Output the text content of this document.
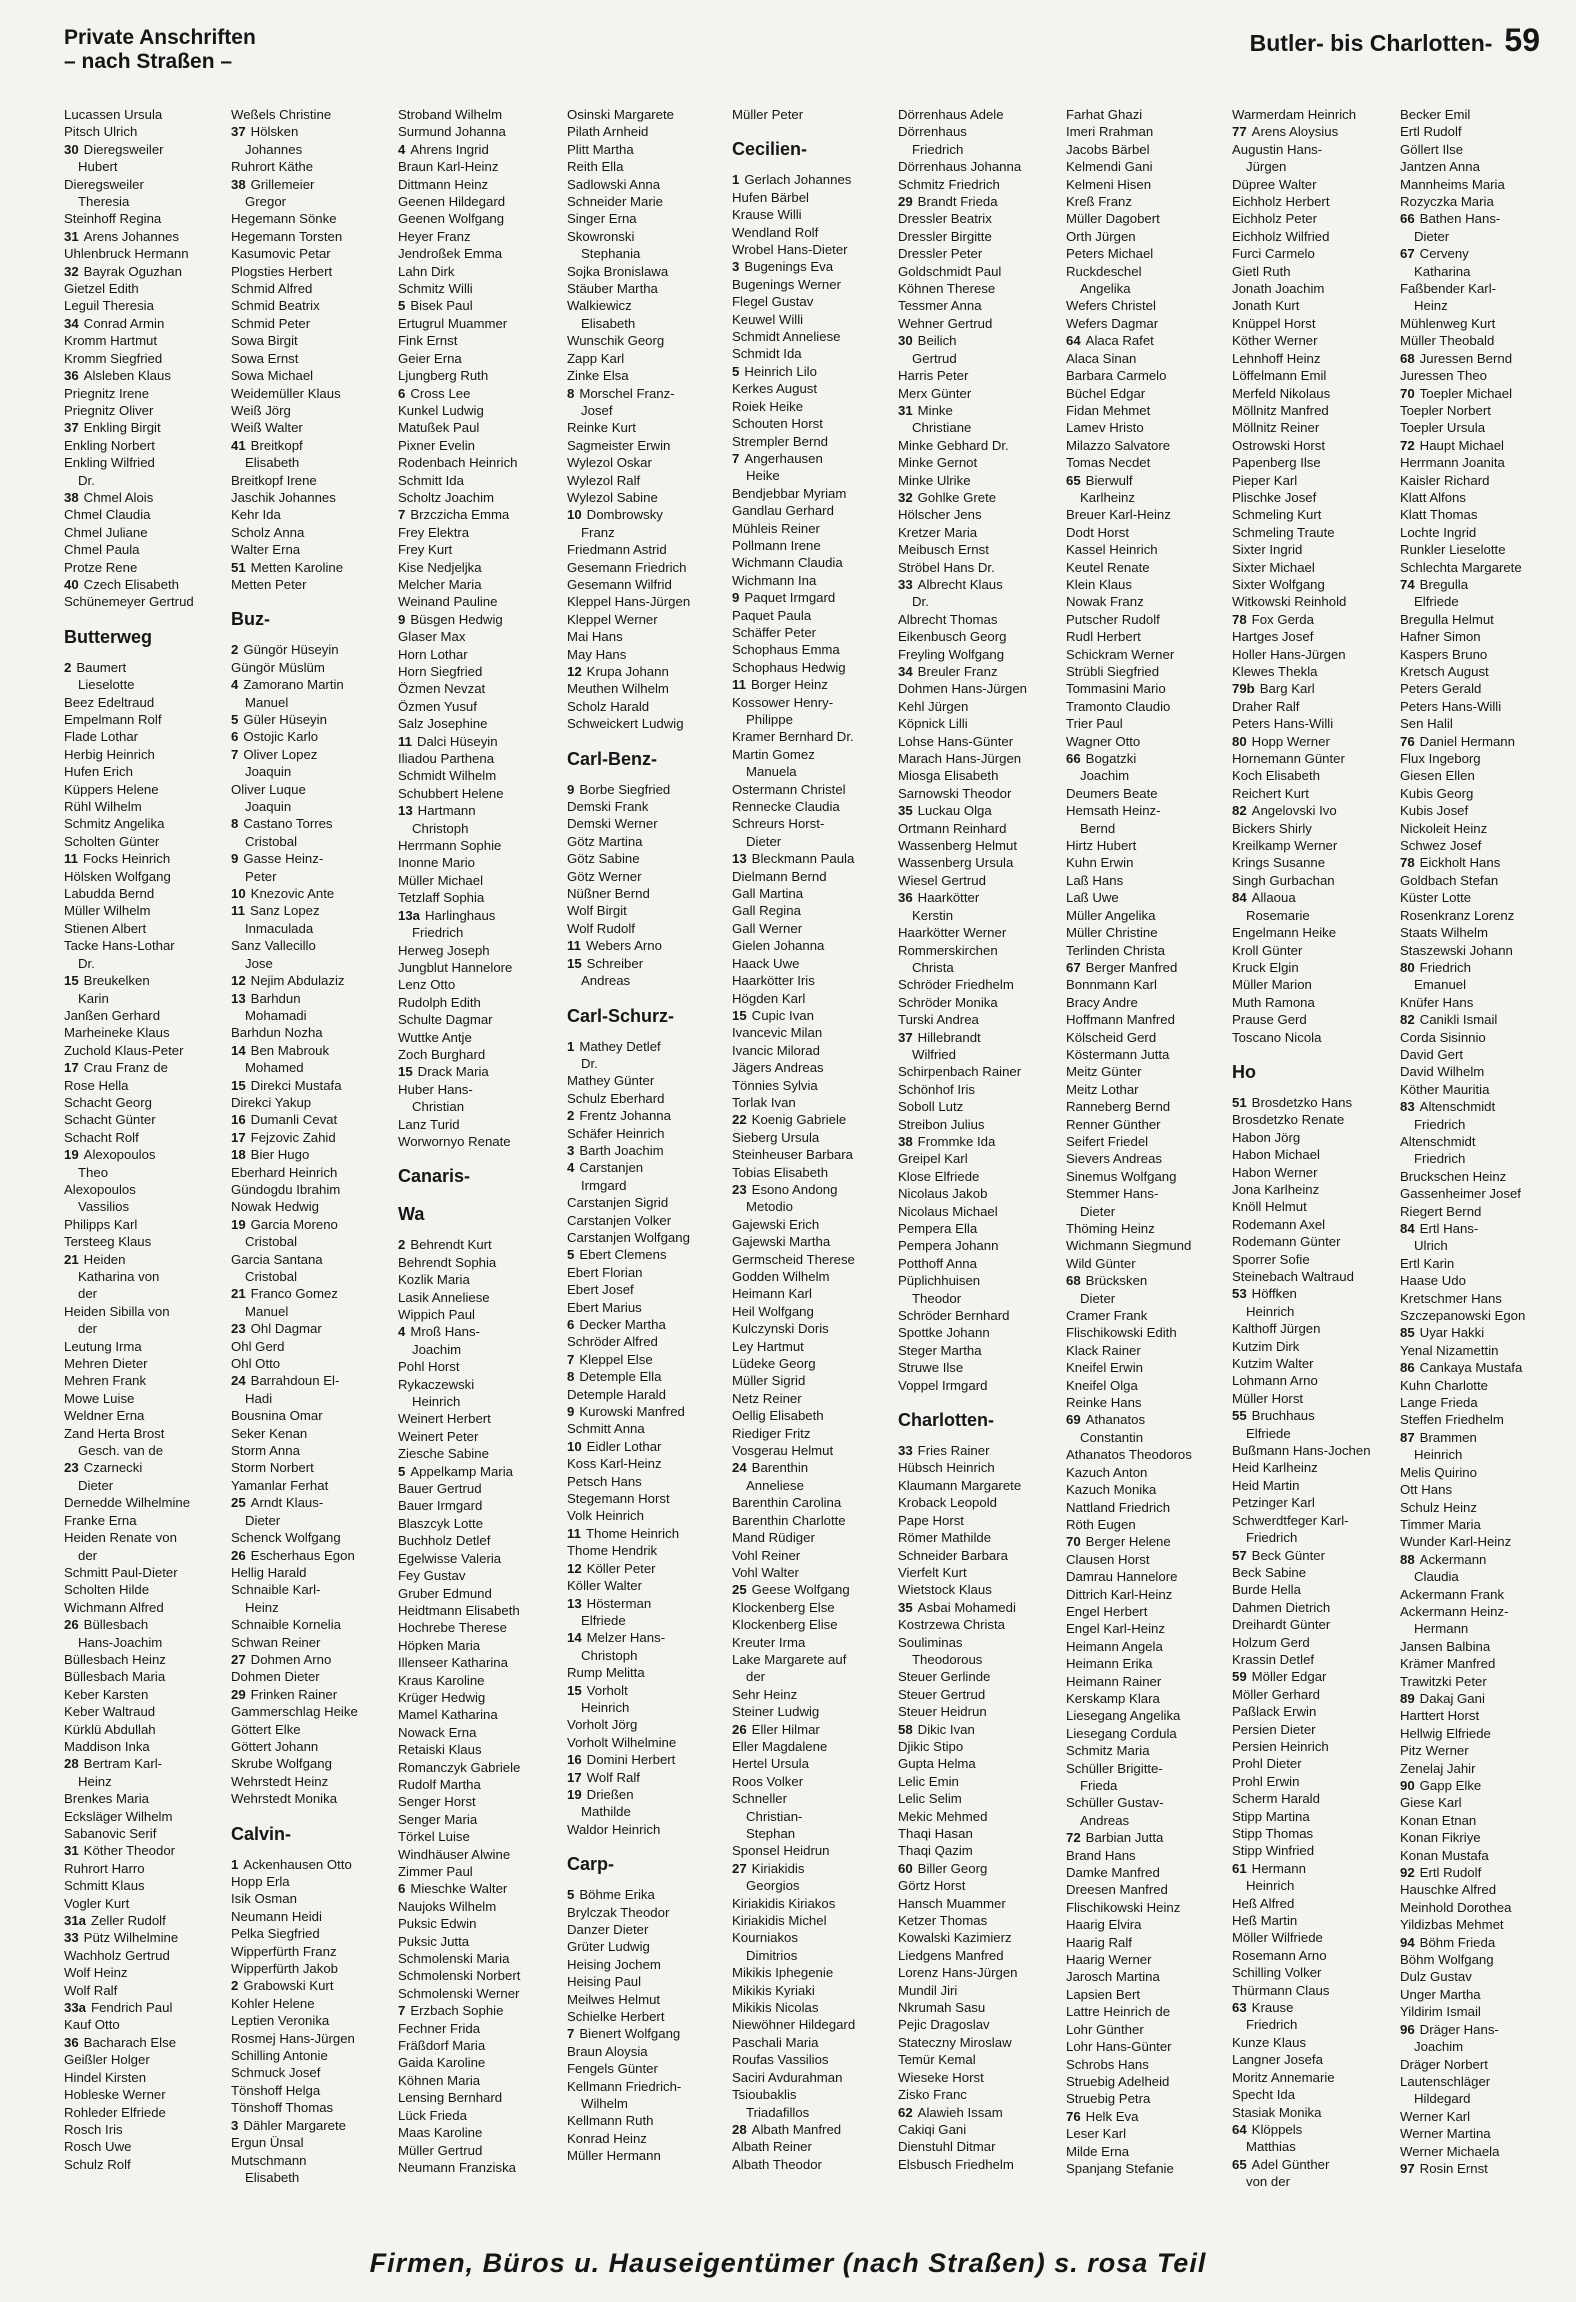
Private Anschriften
– nach Straßen –
Butler- bis Charlotten- 59
Lucassen Ursula
Pitsch Ulrich
30 Dieregsweiler
Hubert
Dieregsweiler
Theresia
Steinhoff Regina
31 Arens Johannes
Uhlenbruck Hermann
32 Bayrak Oguzhan
Gietzel Edith
Leguil Theresia
34 Conrad Armin
Kromm Hartmut
Kromm Siegfried
36 Alsleben Klaus
Priegnitz Irene
Priegnitz Oliver
37 Enkling Birgit
Enkling Norbert
Enkling Wilfried
Dr.
38 Chmel Alois
Chmel Claudia
Chmel Juliane
Chmel Paula
Protze Rene
40 Czech Elisabeth
Schünemeyer Gertrud
Butterweg
2 Baumert
Lieselotte
Beez Edeltraud
Empelmann Rolf
Flade Lothar
Herbig Heinrich
Hufen Erich
Küppers Helene
Rühl Wilhelm
Schmitz Angelika
Scholten Günter
11 Focks Heinrich
Hölsken Wolfgang
Labudda Bernd
Müller Wilhelm
Stienen Albert
Tacke Hans-Lothar
Dr.
15 Breukelken
Karin
Janßen Gerhard
Marheineke Klaus
Zuchold Klaus-Peter
17 Crau Franz de
Rose Hella
Schacht Georg
Schacht Günter
Schacht Rolf
19 Alexopoulos
Theo
Alexopoulos
Vassilios
Philipps Karl
Tersteeg Klaus
21 Heiden
Katharina von
der
Heiden Sibilla von
der
Leutung Irma
Mehren Dieter
Mehren Frank
Mowe Luise
Weldner Erna
Zand Herta Brost
Gesch. van de
23 Czarnecki
Dieter
Dernedde Wilhelmine
Franke Erna
Heiden Renate von
der
Schmitt Paul-Dieter
Scholten Hilde
Wichmann Alfred
26 Büllesbach
Hans-Joachim
Büllesbach Heinz
Büllesbach Maria
Keber Karsten
Keber Waltraud
Kürklü Abdullah
Maddison Inka
28 Bertram Karl-
Heinz
Brenkes Maria
Ecksläger Wilhelm
Sabanovic Serif
31 Köther Theodor
Ruhrort Harro
Schmitt Klaus
Vogler Kurt
31a Zeller Rudolf
33 Pütz Wilhelmine
Wachholz Gertrud
Wolf Heinz
Wolf Ralf
33a Fendrich Paul
Kauf Otto
36 Bacharach Else
Geißler Holger
Hindel Kirsten
Hobleske Werner
Rohleder Elfriede
Rosch Iris
Rosch Uwe
Schulz Rolf
Weßels Christine
37 Hölsken
Johannes
Ruhrort Käthe
38 Grillemeier
Gregor
Hegemann Sönke
Hegemann Torsten
Kasumovic Petar
Plogsties Herbert
Schmid Alfred
Schmid Beatrix
Schmid Peter
Sowa Birgit
Sowa Ernst
Sowa Michael
Weidemüller Klaus
Weiß Jörg
Weiß Walter
41 Breitkopf
Elisabeth
Breitkopf Irene
Jaschik Johannes
Kehr Ida
Scholz Anna
Walter Erna
51 Metten Karoline
Metten Peter
Buz-
2 Güngör Hüseyin
Güngör Müslüm
4 Zamorano Martin
Manuel
5 Güler Hüseyin
6 Ostojic Karlo
7 Oliver Lopez
Joaquin
Oliver Luque
Joaquin
8 Castano Torres
Cristobal
9 Gasse Heinz-
Peter
10 Knezovic Ante
11 Sanz Lopez
Inmaculada
Sanz Vallecillo
Jose
12 Nejim Abdulaziz
13 Barhdun
Mohamadi
Barhdun Nozha
14 Ben Mabrouk
Mohamed
15 Direkci Mustafa
Direkci Yakup
16 Dumanli Cevat
17 Fejzovic Zahid
18 Bier Hugo
Eberhard Heinrich
Gündogdu Ibrahim
Nowak Hedwig
19 Garcia Moreno
Cristobal
Garcia Santana
Cristobal
21 Franco Gomez
Manuel
23 Ohl Dagmar
Ohl Gerd
Ohl Otto
24 Barrahdoun El-
Hadi
Bousnina Omar
Seker Kenan
Storm Anna
Storm Norbert
Yamanlar Ferhat
25 Arndt Klaus-
Dieter
Schenck Wolfgang
26 Escherhaus Egon
Hellig Harald
Schnaible Karl-
Heinz
Schnaible Kornelia
Schwan Reiner
27 Dohmen Arno
Dohmen Dieter
29 Frinken Rainer
Gammerschlag Heike
Göttert Elke
Göttert Johann
Skrube Wolfgang
Wehrstedt Heinz
Wehrstedt Monika
Calvin-
1 Ackenhausen Otto
Hopp Erla
Isik Osman
Neumann Heidi
Pelka Siegfried
Wipperfürth Franz
Wipperfürth Jakob
2 Grabowski Kurt
Kohler Helene
Leptien Veronika
Rosmej Hans-Jürgen
Schilling Antonie
Schmuck Josef
Tönshoff Helga
Tönshoff Thomas
3 Dähler Margarete
Ergun Ünsal
Mutschmann
Elisabeth
Stroband Wilhelm
Surmund Johanna
4 Ahrens Ingrid
Braun Karl-Heinz
Dittmann Heinz
Geenen Hildegard
Geenen Wolfgang
Heyer Franz
Jendroßek Emma
Lahn Dirk
Schmitz Willi
5 Bisek Paul
Ertugrul Muammer
Fink Ernst
Geier Erna
Ljungberg Ruth
6 Cross Lee
Kunkel Ludwig
Matußek Paul
Pixner Evelin
Rodenbach Heinrich
Schmitt Ida
Scholtz Joachim
7 Brzczicha Emma
Frey Elektra
Frey Kurt
Kise Nedjeljka
Melcher Maria
Weinand Pauline
9 Büsgen Hedwig
Glaser Max
Horn Lothar
Horn Siegfried
Özmen Nevzat
Özmen Yusuf
Salz Josephine
11 Dalci Hüseyin
Iliadou Parthena
Schmidt Wilhelm
Schubbert Helene
13 Hartmann
Christoph
Herrmann Sophie
Inonne Mario
Müller Michael
Tetzlaff Sophia
13a Harlinghaus
Friedrich
Herweg Joseph
Jungblut Hannelore
Lenz Otto
Rudolph Edith
Schulte Dagmar
Wuttke Antje
Zoch Burghard
15 Drack Maria
Huber Hans-
Christian
Lanz Turid
Worwornyo Renate
Canaris-
Wa
2 Behrendt Kurt
Behrendt Sophia
Kozlik Maria
Lasik Anneliese
Wippich Paul
4 Mroß Hans-
Joachim
Pohl Horst
Rykaczewski
Heinrich
Weinert Herbert
Weinert Peter
Ziesche Sabine
5 Appelkamp Maria
Bauer Gertrud
Bauer Irmgard
Blaszcyk Lotte
Buchholz Detlef
Egelwisse Valeria
Fey Gustav
Gruber Edmund
Heidtmann Elisabeth
Hochrebe Therese
Höpken Maria
Illenseer Katharina
Kraus Karoline
Krüger Hedwig
Mamel Katharina
Nowack Erna
Retaiski Klaus
Romanczyk Gabriele
Rudolf Martha
Senger Horst
Senger Maria
Törkel Luise
Windhäuser Alwine
Zimmer Paul
6 Mieschke Walter
Naujoks Wilhelm
Puksic Edwin
Puksic Jutta
Schmolenski Maria
Schmolenski Norbert
Schmolenski Werner
7 Erzbach Sophie
Fechner Frida
Fräßdorf Maria
Gaida Karoline
Köhnen Maria
Lensing Bernhard
Lück Frieda
Maas Karoline
Müller Gertrud
Neumann Franziska
Osinski Margarete
Pilath Arnheid
Plitt Martha
Reith Ella
Sadlowski Anna
Schneider Marie
Singer Erna
Skowronski
Stephania
Sojka Bronislawa
Stäuber Martha
Walkiewicz
Elisabeth
Wunschik Georg
Zapp Karl
Zinke Elsa
8 Morschel Franz-
Josef
Reinke Kurt
Sagmeister Erwin
Wylezol Oskar
Wylezol Ralf
Wylezol Sabine
10 Dombrowsky
Franz
Friedmann Astrid
Gesemann Friedrich
Gesemann Wilfrid
Kleppel Hans-Jürgen
Kleppel Werner
Mai Hans
May Hans
12 Krupa Johann
Meuthen Wilhelm
Scholz Harald
Schweickert Ludwig
Carl-Benz-
9 Borbe Siegfried
Demski Frank
Demski Werner
Götz Martina
Götz Sabine
Götz Werner
Nüßner Bernd
Wolf Birgit
Wolf Rudolf
11 Webers Arno
15 Schreiber
Andreas
Carl-Schurz-
1 Mathey Detlef
Dr.
Mathey Günter
Schulz Eberhard
2 Frentz Johanna
Schäfer Heinrich
3 Barth Joachim
4 Carstanjen
Irmgard
Carstanjen Sigrid
Carstanjen Volker
Carstanjen Wolfgang
5 Ebert Clemens
Ebert Florian
Ebert Josef
Ebert Marius
6 Decker Martha
Schröder Alfred
7 Kleppel Else
8 Detemple Ella
Detemple Harald
9 Kurowski Manfred
Schmitt Anna
10 Eidler Lothar
Koss Karl-Heinz
Petsch Hans
Stegemann Horst
Volk Heinrich
11 Thome Heinrich
Thome Hendrik
12 Köller Peter
Köller Walter
13 Hösterman
Elfriede
14 Melzer Hans-
Christoph
Rump Melitta
15 Vorholt
Heinrich
Vorholt Jörg
Vorholt Wilhelmine
16 Domini Herbert
17 Wolf Ralf
19 Drießen
Mathilde
Waldor Heinrich
Carp-
5 Böhme Erika
Brylczak Theodor
Danzer Dieter
Grüter Ludwig
Heising Jochem
Heising Paul
Meilwes Helmut
Schielke Herbert
7 Bienert Wolfgang
Braun Aloysia
Fengels Günter
Kellmann Friedrich-
Wilhelm
Kellmann Ruth
Konrad Heinz
Müller Hermann
Müller Peter
Cecilien-
1 Gerlach Johannes
Hufen Bärbel
Krause Willi
Wendland Rolf
Wrobel Hans-Dieter
3 Bugenings Eva
Bugenings Werner
Flegel Gustav
Keuwel Willi
Schmidt Anneliese
Schmidt Ida
5 Heinrich Lilo
Kerkes August
Roiek Heike
Schouten Horst
Strempler Bernd
7 Angerhausen
Heike
Bendjebbar Myriam
Gandlau Gerhard
Mühleis Reiner
Pollmann Irene
Wichmann Claudia
Wichmann Ina
9 Paquet Irmgard
Paquet Paula
Schäffer Peter
Schophaus Emma
Schophaus Hedwig
11 Borger Heinz
Kossower Henry-
Philippe
Kramer Bernhard Dr.
Martin Gomez
Manuela
Ostermann Christel
Rennecke Claudia
Schreurs Horst-
Dieter
13 Bleckmann Paula
Dielmann Bernd
Gall Martina
Gall Regina
Gall Werner
Gielen Johanna
Haack Uwe
Haarkötter Iris
Högden Karl
15 Cupic Ivan
Ivancevic Milan
Ivancic Milorad
Jägers Andreas
Tönnies Sylvia
Torlak Ivan
22 Koenig Gabriele
Sieberg Ursula
Steinheuser Barbara
Tobias Elisabeth
23 Esono Andong
Metodio
Gajewski Erich
Gajewski Martha
Germscheid Therese
Godden Wilhelm
Heimann Karl
Heil Wolfgang
Kulczynski Doris
Ley Hartmut
Lüdeke Georg
Müller Sigrid
Netz Reiner
Oellig Elisabeth
Riediger Fritz
Vosgerau Helmut
24 Barenthin
Anneliese
Barenthin Carolina
Barenthin Charlotte
Mand Rüdiger
Vohl Reiner
Vohl Walter
25 Geese Wolfgang
Klockenberg Else
Klockenberg Elise
Kreuter Irma
Lake Margarete auf
der
Sehr Heinz
Steiner Ludwig
26 Eller Hilmar
Eller Magdalene
Hertel Ursula
Roos Volker
Schneller
Christian-
Stephan
Sponsel Heidrun
27 Kiriakidis
Georgios
Kiriakidis Kiriakos
Kiriakidis Michel
Kourniakos
Dimitrios
Mikikis Iphegenie
Mikikis Kyriaki
Mikikis Nicolas
Niewöhner Hildegard
Paschali Maria
Roufas Vassilios
Saciri Avdurahman
Tsioubaklis
Triadafillos
28 Albath Manfred
Albath Reiner
Albath Theodor
Dörrenhaus Adele
Dörrenhaus
Friedrich
Dörrenhaus Johanna
Schmitz Friedrich
29 Brandt Frieda
Dressler Beatrix
Dressler Birgitte
Dressler Peter
Goldschmidt Paul
Köhnen Therese
Tessmer Anna
Wehner Gertrud
30 Beilich
Gertrud
Harris Peter
Merx Günter
31 Minke
Christiane
Minke Gebhard Dr.
Minke Gernot
Minke Ulrike
32 Gohlke Grete
Hölscher Jens
Kretzer Maria
Meibusch Ernst
Ströbel Hans Dr.
33 Albrecht Klaus
Dr.
Albrecht Thomas
Eikenbusch Georg
Freyling Wolfgang
34 Breuler Franz
Dohmen Hans-Jürgen
Kehl Jürgen
Köpnick Lilli
Lohse Hans-Günter
Marach Hans-Jürgen
Miosga Elisabeth
Sarnowski Theodor
35 Luckau Olga
Ortmann Reinhard
Wassenberg Helmut
Wassenberg Ursula
Wiesel Gertrud
36 Haarkötter
Kerstin
Haarkötter Werner
Rommerskirchen
Christa
Schröder Friedhelm
Schröder Monika
Turski Andrea
37 Hillebrandt
Wilfried
Schirpenbach Rainer
Schönhof Iris
Soboll Lutz
Streibon Julius
38 Frommke Ida
Greipel Karl
Klose Elfriede
Nicolaus Jakob
Nicolaus Michael
Pempera Ella
Pempera Johann
Potthoff Anna
Püplichhuisen
Theodor
Schröder Bernhard
Spottke Johann
Steger Martha
Struwe Ilse
Voppel Irmgard
Charlotten-
33 Fries Rainer
Hübsch Heinrich
Klaumann Margarete
Kroback Leopold
Pape Horst
Römer Mathilde
Schneider Barbara
Vierfelt Kurt
Wietstock Klaus
35 Asbai Mohamedi
Kostrzewa Christa
Souliminas
Theodorous
Steuer Gerlinde
Steuer Gertrud
Steuer Heidrun
58 Dikic Ivan
Djikic Stipo
Gupta Helma
Lelic Emin
Lelic Selim
Mekic Mehmed
Thaqi Hasan
Thaqi Qazim
60 Biller Georg
Görtz Horst
Hansch Muammer
Ketzer Thomas
Kowalski Kazimierz
Liedgens Manfred
Lorenz Hans-Jürgen
Mundil Jiri
Nkrumah Sasu
Pejic Dragoslav
Stateczny Miroslaw
Temür Kemal
Wieseke Horst
Zisko Franc
62 Alawieh Issam
Cakiqi Gani
Dienstuhl Ditmar
Elsbusch Friedhelm
Farhat Ghazi
Imeri Rrahman
Jacobs Bärbel
Kelmendi Gani
Kelmeni Hisen
Kreß Franz
Müller Dagobert
Orth Jürgen
Peters Michael
Ruckdeschel
Angelika
Wefers Christel
Wefers Dagmar
64 Alaca Rafet
Alaca Sinan
Barbara Carmelo
Büchel Edgar
Fidan Mehmet
Lamev Hristo
Milazzo Salvatore
Tomas Necdet
65 Bierwulf
Karlheinz
Breuer Karl-Heinz
Dodt Horst
Kassel Heinrich
Keutel Renate
Klein Klaus
Nowak Franz
Putscher Rudolf
Rudl Herbert
Schickram Werner
Strübli Siegfried
Tommasini Mario
Tramonto Claudio
Trier Paul
Wagner Otto
66 Bogatzki
Joachim
Deumers Beate
Hemsath Heinz-
Bernd
Hirtz Hubert
Kuhn Erwin
Laß Hans
Laß Uwe
Müller Angelika
Müller Christine
Terlinden Christa
67 Berger Manfred
Bonnmann Karl
Bracy Andre
Hoffmann Manfred
Kölscheid Gerd
Köstermann Jutta
Meitz Günter
Meitz Lothar
Ranneberg Bernd
Renner Günther
Seifert Friedel
Sievers Andreas
Sinemus Wolfgang
Stemmer Hans-
Dieter
Thöming Heinz
Wichmann Siegmund
Wild Günter
68 Brücksken
Dieter
Cramer Frank
Flischikowski Edith
Klack Rainer
Kneifel Erwin
Kneifel Olga
Reinke Hans
69 Athanatos
Constantin
Athanatos Theodoros
Kazuch Anton
Kazuch Monika
Nattland Friedrich
Röth Eugen
70 Berger Helene
Clausen Horst
Damrau Hannelore
Dittrich Karl-Heinz
Engel Herbert
Engel Karl-Heinz
Heimann Angela
Heimann Erika
Heimann Rainer
Kerskamp Klara
Liesegang Angelika
Liesegang Cordula
Schmitz Maria
Schüller Brigitte-
Frieda
Schüller Gustav-
Andreas
72 Barbian Jutta
Brand Hans
Damke Manfred
Dreesen Manfred
Flischikowski Heinz
Haarig Elvira
Haarig Ralf
Haarig Werner
Jarosch Martina
Lapsien Bert
Lattre Heinrich de
Lohr Günther
Lohr Hans-Günter
Schrobs Hans
Struebig Adelheid
Struebig Petra
76 Helk Eva
Leser Karl
Milde Erna
Spanjang Stefanie
Warmerdam Heinrich
77 Arens Aloysius
Augustin Hans-
Jürgen
Düpree Walter
Eichholz Herbert
Eichholz Peter
Eichholz Wilfried
Furci Carmelo
Gietl Ruth
Jonath Joachim
Jonath Kurt
Knüppel Horst
Köther Werner
Lehnhoff Heinz
Löffelmann Emil
Merfeld Nikolaus
Möllnitz Manfred
Möllnitz Reiner
Ostrowski Horst
Papenberg Ilse
Pieper Karl
Plischke Josef
Schmeling Kurt
Schmeling Traute
Sixter Ingrid
Sixter Michael
Sixter Wolfgang
Witkowski Reinhold
78 Fox Gerda
Hartges Josef
Holler Hans-Jürgen
Klewes Thekla
79b Barg Karl
Draher Ralf
Peters Hans-Willi
80 Hopp Werner
Hornemann Günter
Koch Elisabeth
Reichert Kurt
82 Angelovski Ivo
Bickers Shirly
Kreilkamp Werner
Krings Susanne
Singh Gurbachan
84 Allaoua
Rosemarie
Engelmann Heike
Kroll Günter
Kruck Elgin
Müller Marion
Muth Ramona
Prause Gerd
Toscano Nicola
Ho
51 Brosdetzko Hans
Brosdetzko Renate
Habon Jörg
Habon Michael
Habon Werner
Jona Karlheinz
Knöll Helmut
Rodemann Axel
Rodemann Günter
Sporrer Sofie
Steinebach Waltraud
53 Höffken
Heinrich
Kalthoff Jürgen
Kutzim Dirk
Kutzim Walter
Lohmann Arno
Müller Horst
55 Bruchhaus
Elfriede
Bußmann Hans-Jochen
Heid Karlheinz
Heid Martin
Petzinger Karl
Schwerdtfeger Karl-
Friedrich
57 Beck Günter
Beck Sabine
Burde Hella
Dahmen Dietrich
Dreihardt Günter
Holzum Gerd
Krassin Detlef
59 Möller Edgar
Möller Gerhard
Paßlack Erwin
Persien Dieter
Persien Heinrich
Prohl Dieter
Prohl Erwin
Scherm Harald
Stipp Martina
Stipp Thomas
Stipp Winfried
61 Hermann
Heinrich
Heß Alfred
Heß Martin
Möller Wilfriede
Rosemann Arno
Schilling Volker
Thürmann Claus
63 Krause
Friedrich
Kunze Klaus
Langner Josefa
Moritz Annemarie
Specht Ida
Stasiak Monika
64 Klöppels
Matthias
65 Adel Günther
von der
Becker Emil
Ertl Rudolf
Göllert Ilse
Jantzen Anna
Mannheims Maria
Rozyczka Maria
66 Bathen Hans-
Dieter
67 Cerveny
Katharina
Faßbender Karl-
Heinz
Mühlenweg Kurt
Müller Theobald
68 Juressen Bernd
Juressen Theo
70 Toepler Michael
Toepler Norbert
Toepler Ursula
72 Haupt Michael
Herrmann Joanita
Kaisler Richard
Klatt Alfons
Klatt Thomas
Lochte Ingrid
Runkler Lieselotte
Schlechta Margarete
74 Bregulla
Elfriede
Bregulla Helmut
Hafner Simon
Kaspers Bruno
Kretsch August
Peters Gerald
Peters Hans-Willi
Sen Halil
76 Daniel Hermann
Flux Ingeborg
Giesen Ellen
Kubis Georg
Kubis Josef
Nickoleit Heinz
Schwez Josef
78 Eickholt Hans
Goldbach Stefan
Küster Lotte
Rosenkranz Lorenz
Staats Wilhelm
Staszewski Johann
80 Friedrich
Emanuel
Knüfer Hans
82 Canikli Ismail
Corda Sisinnio
David Gert
David Wilhelm
Köther Mauritia
83 Altenschmidt
Friedrich
Altenschmidt
Friedrich
Bruckschen Heinz
Gassenheimer Josef
Riegert Bernd
84 Ertl Hans-
Ulrich
Ertl Karin
Haase Udo
Kretschmer Hans
Szczepanowski Egon
85 Uyar Hakki
Yenal Nizamettin
86 Cankaya Mustafa
Kuhn Charlotte
Lange Frieda
Steffen Friedhelm
87 Brammen
Heinrich
Melis Quirino
Ott Hans
Schulz Heinz
Timmer Maria
Wunder Karl-Heinz
88 Ackermann
Claudia
Ackermann Frank
Ackermann Heinz-
Hermann
Jansen Balbina
Krämer Manfred
Trawitzki Peter
89 Dakaj Gani
Harttert Horst
Hellwig Elfriede
Pitz Werner
Zenelaj Jahir
90 Gapp Elke
Giese Karl
Konan Etnan
Konan Fikriye
Konan Mustafa
92 Ertl Rudolf
Hauschke Alfred
Meinhold Dorothea
Yildizbas Mehmet
94 Böhm Frieda
Böhm Wolfgang
Dulz Gustav
Unger Martha
Yildirim Ismail
96 Dräger Hans-
Joachim
Dräger Norbert
Lautenschläger
Hildegard
Werner Karl
Werner Martina
Werner Michaela
97 Rosin Ernst
Firmen, Büros u. Hauseigentümer (nach Straßen) s. rosa Teil
